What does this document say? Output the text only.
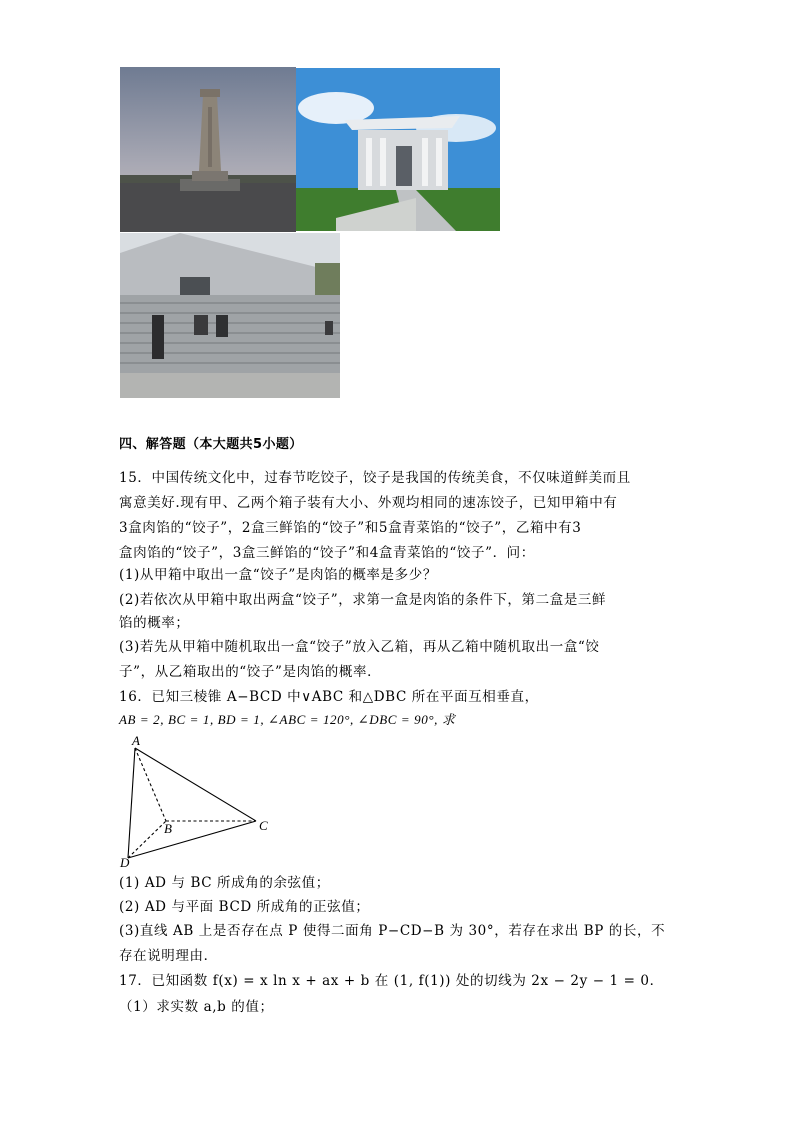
四、解答题（本大题共5小题）
15．中国传统文化中，过春节吃饺子，饺子是我国的传统美食，不仅味道鲜美而且
寓意美好.现有甲、乙两个箱子装有大小、外观均相同的速冻饺子，已知甲箱中有
3盒肉馅的“饺子”，2盒三鲜馅的“饺子”和5盒青菜馅的“饺子”，乙箱中有3
盒肉馅的“饺子”，3盒三鲜馅的“饺子”和4盒青菜馅的“饺子”．问：
(1)从甲箱中取出一盒“饺子”是肉馅的概率是多少？
(2)若依次从甲箱中取出两盒“饺子”，求第一盒是肉馅的条件下，第二盒是三鲜
馅的概率；
(3)若先从甲箱中随机取出一盒“饺子”放入乙箱，再从乙箱中随机取出一盒“饺
子”，从乙箱取出的“饺子”是肉馅的概率．
16．已知三棱锥 A−BCD 中∨ABC 和△DBC 所在平面互相垂直，
AB = 2, BC = 1, BD = 1, ∠ABC = 120°, ∠DBC = 90°, 求
A
B	C
D
(1) AD 与 BC 所成角的余弦值；
(2) AD 与平面 BCD 所成角的正弦值；
(3)直线 AB 上是否存在点 P 使得二面角 P−CD−B 为 30°，若存在求出 BP 的长，不
存在说明理由．
17．已知函数 f(x) = x ln x + ax + b 在 (1, f(1)) 处的切线为 2x − 2y − 1 = 0．
（1）求实数 a,b 的值；
